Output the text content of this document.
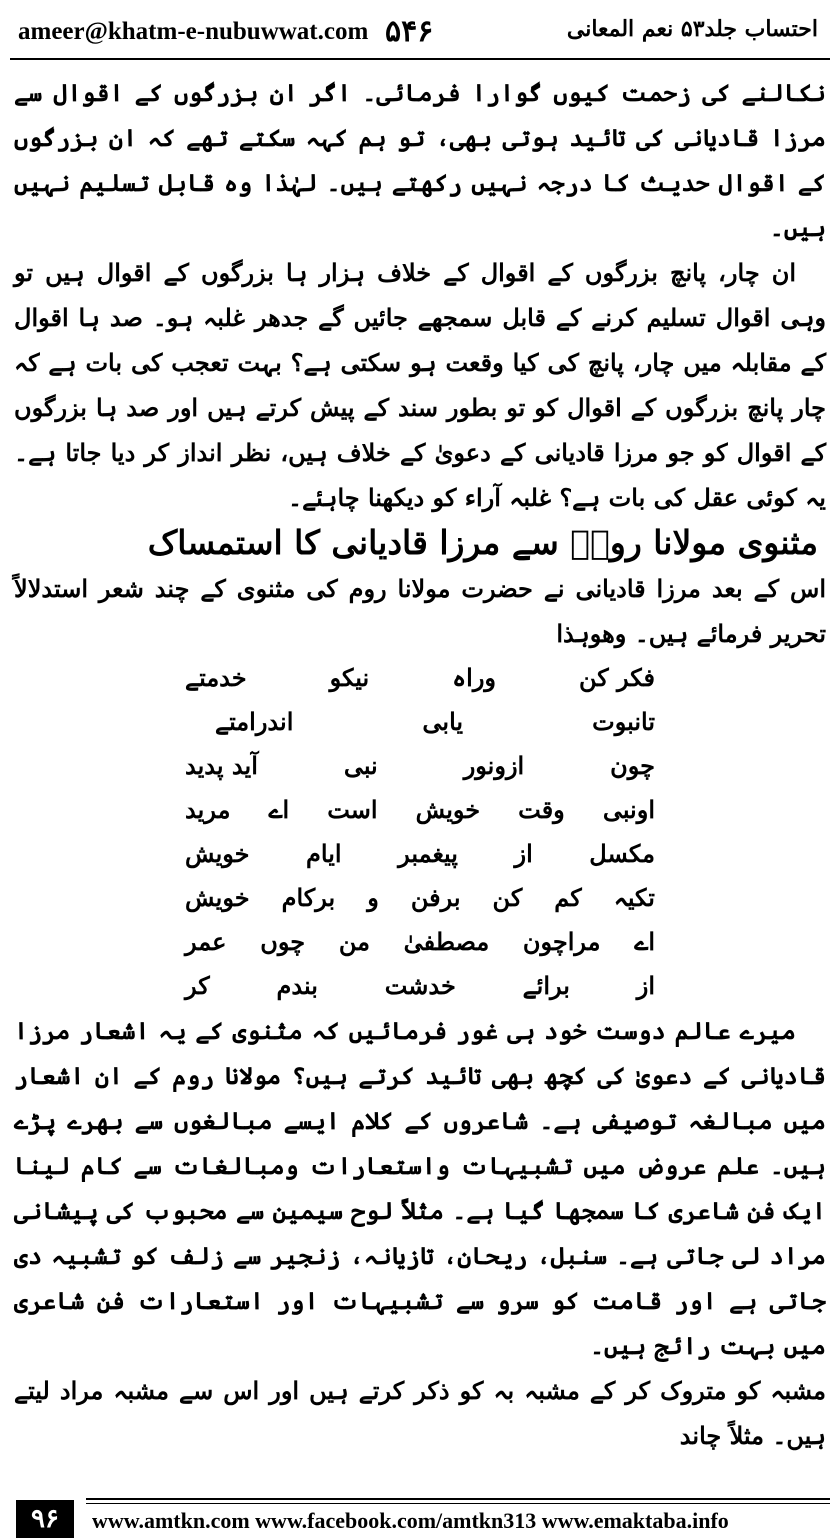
ameer@khatm-e-nubuwwat.com ۵۴۶	احتساب جلد۵۳ نعم المعانی

نکالنے کی زحمت کیوں گوارا فرمائی۔ اگر ان بزرگوں کے اقوال سے مرزا قادیانی کی تائید ہوتی بھی، تو ہم کہہ سکتے تھے کہ ان بزرگوں کے اقوال حدیث کا درجہ نہیں رکھتے ہیں۔ لہٰذا وہ قابل تسلیم نہیں ہیں۔

ان چار، پانچ بزرگوں کے اقوال کے خلاف ہزار ہا بزرگوں کے اقوال ہیں تو وہی اقوال تسلیم کرنے کے قابل سمجھے جائیں گے جدھر غلبہ ہو۔ صد ہا اقوال کے مقابلہ میں چار، پانچ کی کیا وقعت ہو سکتی ہے؟ بہت تعجب کی بات ہے کہ چار پانچ بزرگوں کے اقوال کو تو بطور سند کے پیش کرتے ہیں اور صد ہا بزرگوں کے اقوال کو جو مرزا قادیانی کے دعویٰ کے خلاف ہیں، نظر انداز کر دیا جاتا ہے۔ یہ کوئی عقل کی بات ہے؟ غلبہ آراء کو دیکھنا چاہئے۔

مثنوی مولانا رومؒ سے مرزا قادیانی کا استمساک

اس کے بعد مرزا قادیانی نے حضرت مولانا روم کی مثنوی کے چند شعر استدلالاً تحریر فرمائے ہیں۔ وھوہذا

فکر کن
وراہ
نیکو
خدمتے
تانبوت
یابی
اندرامتے
چون
ازونور
نبی
آید پدید
اونبی
وقت
خویش
است
اے
مرید
مکسل
از
پیغمبر
ایام
خویش
تکیہ
کم
کن
برفن
و
برکام
خویش
اے
مراچون
مصطفیٰ
من
چوں
عمر
از
برائے
خدشت
بندم
کر

میرے عالم دوست خود ہی غور فرمائیں کہ مثنوی کے یہ اشعار مرزا قادیانی کے دعویٰ کی کچھ بھی تائید کرتے ہیں؟ مولانا روم کے ان اشعار میں مبالغہ توصیفی ہے۔ شاعروں کے کلام ایسے مبالغوں سے بھرے پڑے ہیں۔ علم عروض میں تشبیہات واستعارات ومبالغات سے کام لینا ایک فن شاعری کا سمجھا گیا ہے۔ مثلاً لوح سیمین سے محبوب کی پیشانی مراد لی جاتی ہے۔ سنبل، ریحان، تازیانہ، زنجیر سے زلف کو تشبیہ دی جاتی ہے اور قامت کو سرو سے تشبیہات اور استعارات فن شاعری میں بہت رائج ہیں۔

مشبہ کو متروک کر کے مشبہ بہ کو ذکر کرتے ہیں اور اس سے مشبہ مراد لیتے ہیں۔ مثلاً چاند

۹۶	www.amtkn.com www.facebook.com/amtkn313 www.emaktaba.info
